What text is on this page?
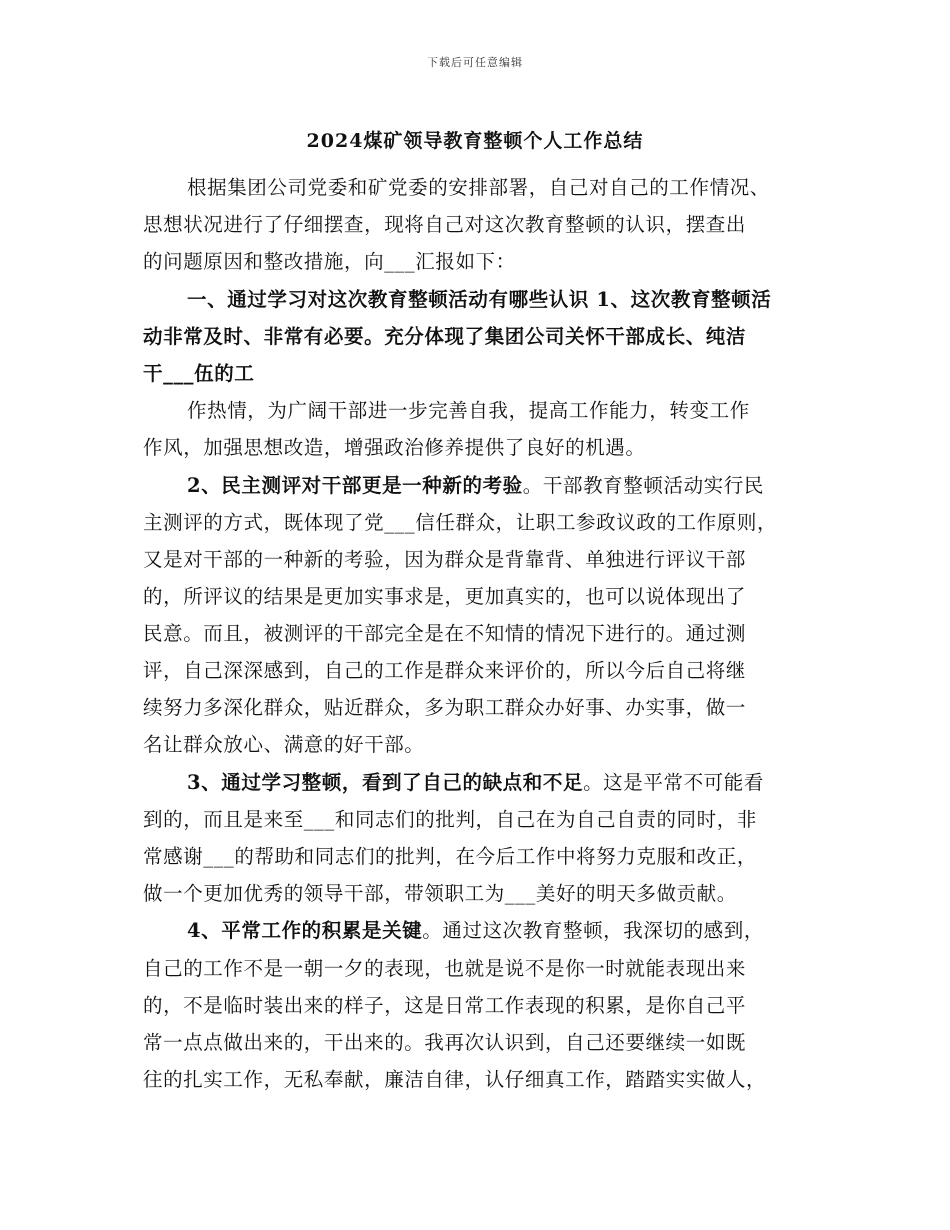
下载后可任意编辑
2024煤矿领导教育整顿个人工作总结
根据集团公司党委和矿党委的安排部署，自己对自己的工作情况、
思想状况进行了仔细摆查，现将自己对这次教育整顿的认识，摆查出
的问题原因和整改措施，向___汇报如下：
一、通过学习对这次教育整顿活动有哪些认识 1、这次教育整顿活
动非常及时、非常有必要。充分体现了集团公司关怀干部成长、纯洁
干___伍的工
作热情，为广阔干部进一步完善自我，提高工作能力，转变工作
作风，加强思想改造，增强政治修养提供了良好的机遇。
2、民主测评对干部更是一种新的考验。干部教育整顿活动实行民
主测评的方式，既体现了党___信任群众，让职工参政议政的工作原则，
又是对干部的一种新的考验，因为群众是背靠背、单独进行评议干部
的，所评议的结果是更加实事求是，更加真实的，也可以说体现出了
民意。而且，被测评的干部完全是在不知情的情况下进行的。通过测
评，自己深深感到，自己的工作是群众来评价的，所以今后自己将继
续努力多深化群众，贴近群众，多为职工群众办好事、办实事，做一
名让群众放心、满意的好干部。
3、通过学习整顿，看到了自己的缺点和不足。这是平常不可能看
到的，而且是来至___和同志们的批判，自己在为自己自责的同时，非
常感谢___的帮助和同志们的批判，在今后工作中将努力克服和改正，
做一个更加优秀的领导干部，带领职工为___美好的明天多做贡献。
4、平常工作的积累是关键。通过这次教育整顿，我深切的感到，
自己的工作不是一朝一夕的表现，也就是说不是你一时就能表现出来
的，不是临时装出来的样子，这是日常工作表现的积累，是你自己平
常一点点做出来的，干出来的。我再次认识到，自己还要继续一如既
往的扎实工作，无私奉献，廉洁自律，认仔细真工作，踏踏实实做人，
